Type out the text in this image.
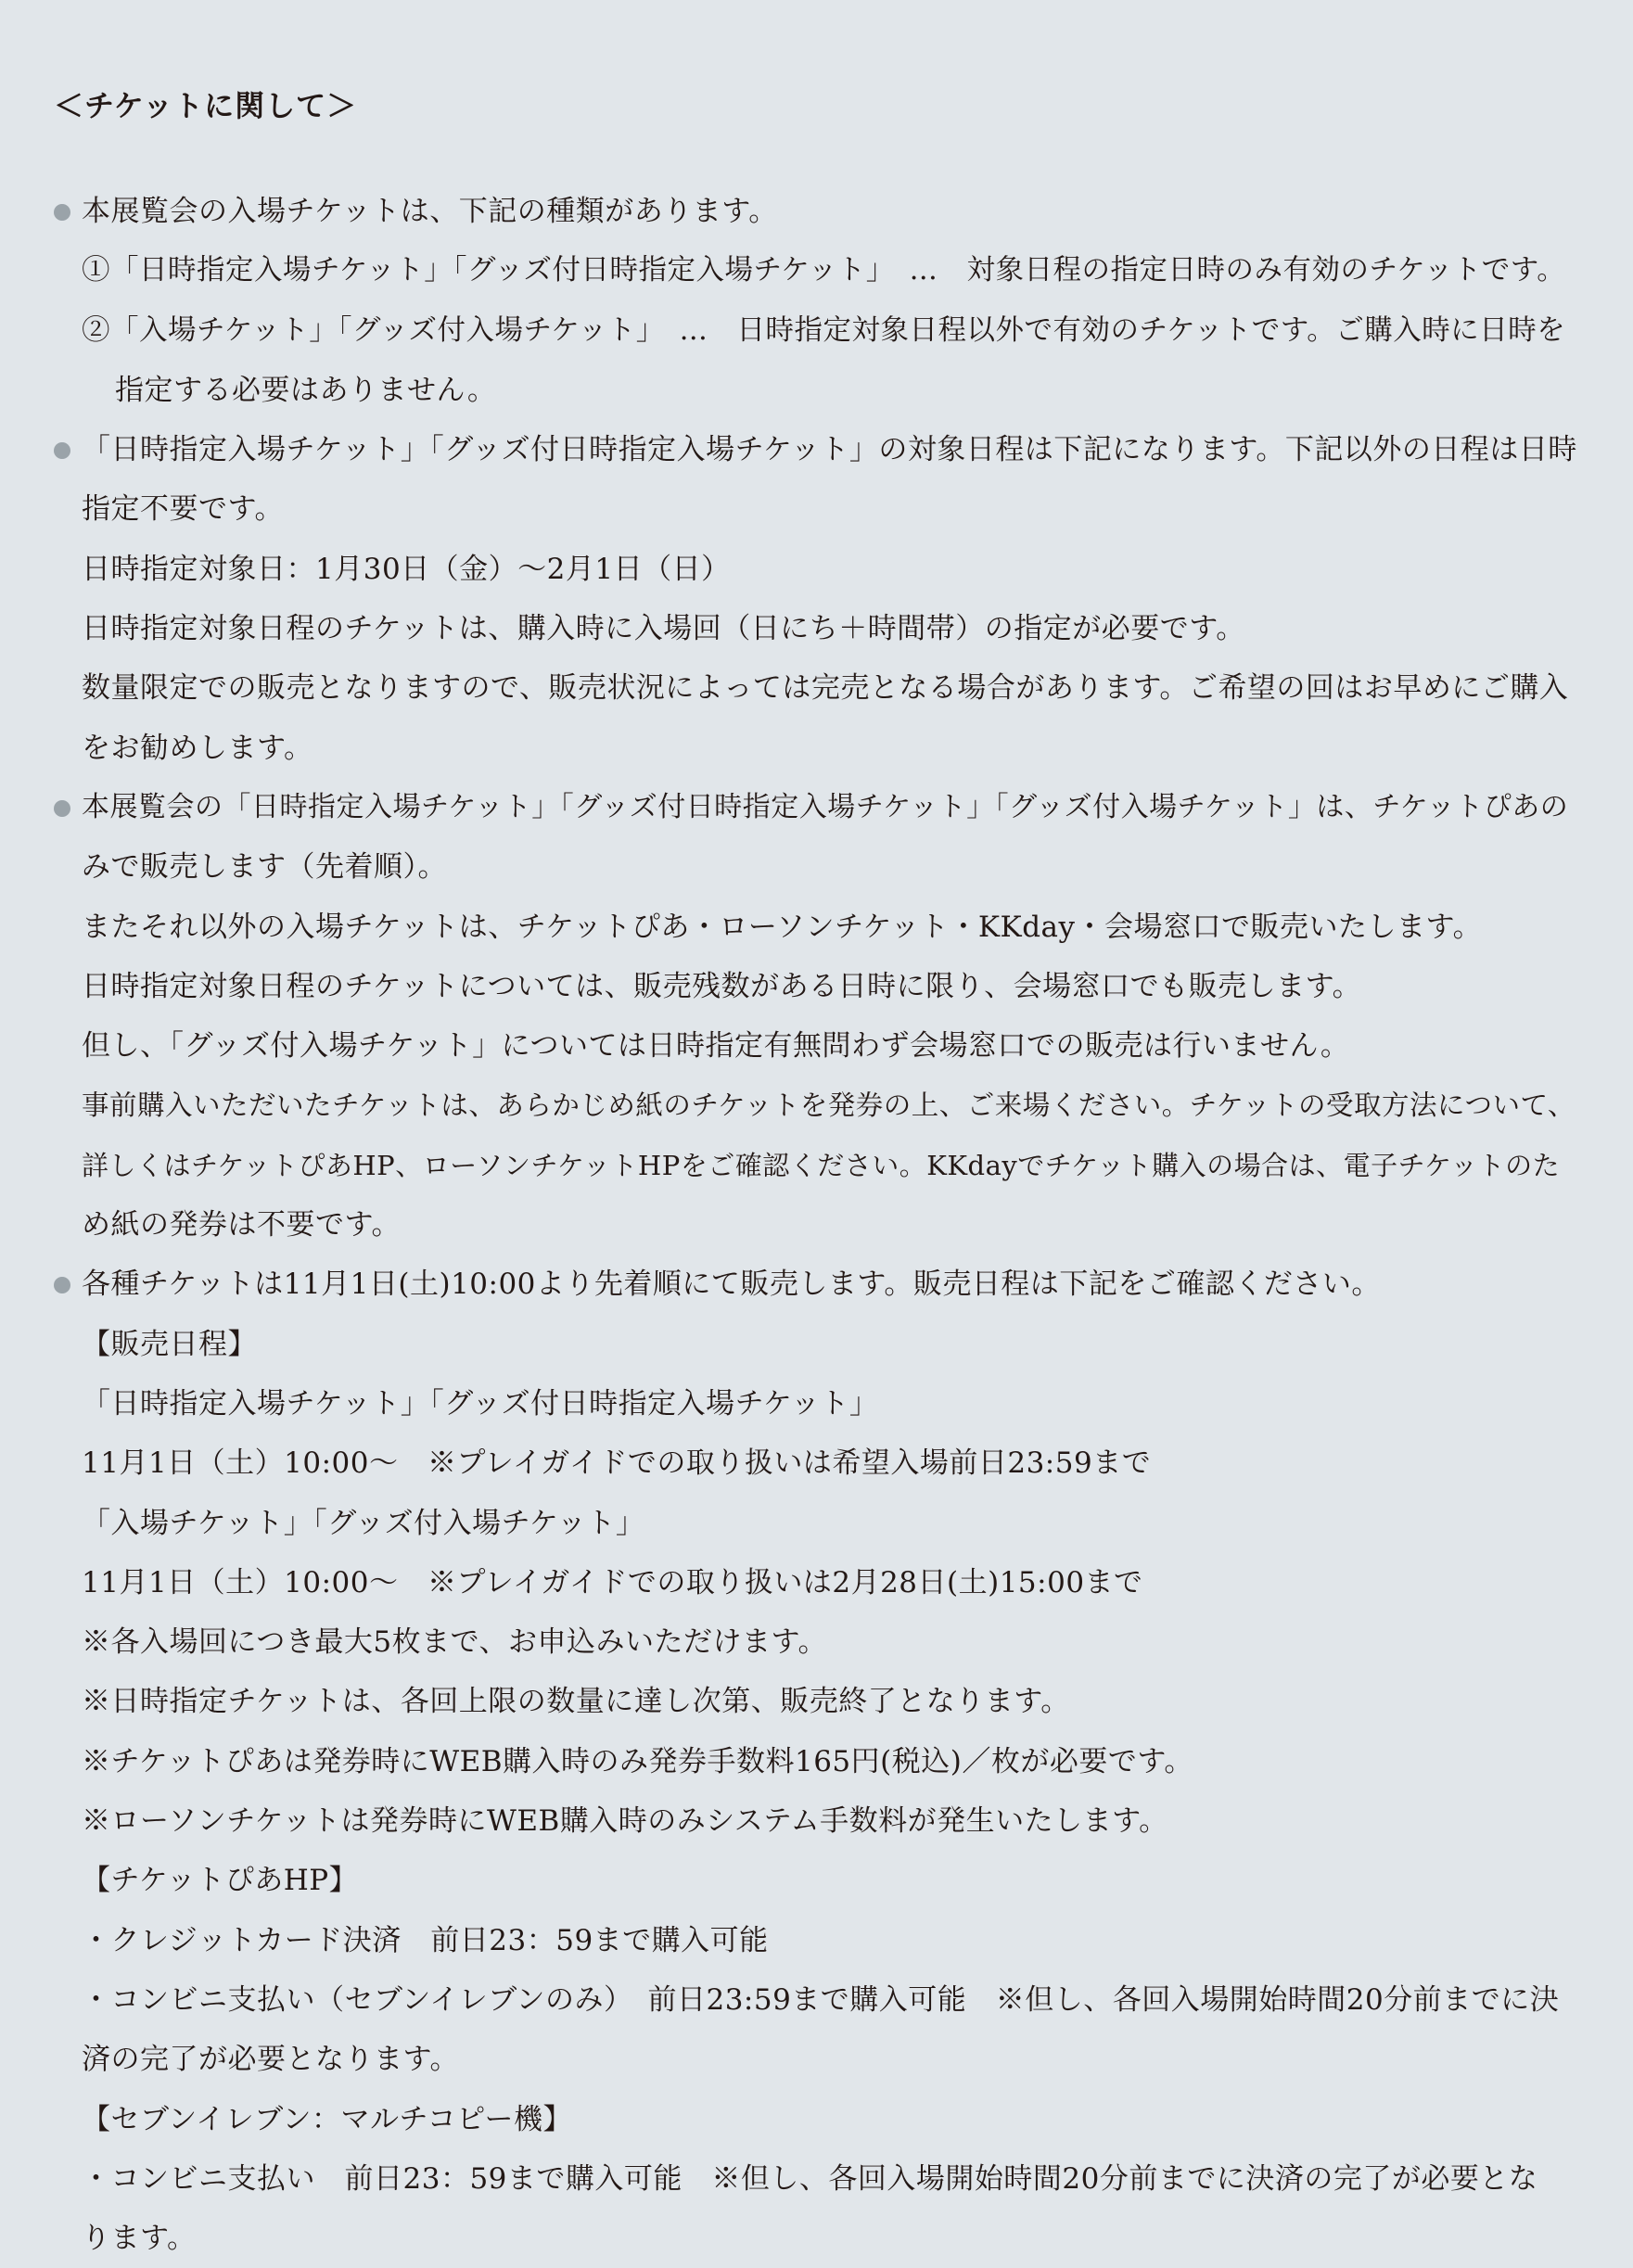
＜チケットに関して＞
本展覧会の入場チケットは、下記の種類があります。
①「日時指定入場チケット」「グッズ付日時指定入場チケット」　…　対象日程の指定日時のみ有効のチケットです。
②「入場チケット」「グッズ付入場チケット」　…　日時指定対象日程以外で有効のチケットです。ご購入時に日時を
指定する必要はありません。
「日時指定入場チケット」「グッズ付日時指定入場チケット」の対象日程は下記になります。下記以外の日程は日時
指定不要です。
日時指定対象日：1月30日（金）～2月1日（日）
日時指定対象日程のチケットは、購入時に入場回（日にち＋時間帯）の指定が必要です。
数量限定での販売となりますので、販売状況によっては完売となる場合があります。ご希望の回はお早めにご購入
をお勧めします。
本展覧会の「日時指定入場チケット」「グッズ付日時指定入場チケット」「グッズ付入場チケット」は、チケットぴあの
みで販売します（先着順）。
またそれ以外の入場チケットは、チケットぴあ・ローソンチケット・KKday・会場窓口で販売いたします。
日時指定対象日程のチケットについては、販売残数がある日時に限り、会場窓口でも販売します。
但し、「グッズ付入場チケット」については日時指定有無問わず会場窓口での販売は行いません。
事前購入いただいたチケットは、あらかじめ紙のチケットを発券の上、ご来場ください。チケットの受取方法について、
詳しくはチケットぴあHP、ローソンチケットHPをご確認ください。KKdayでチケット購入の場合は、電子チケットのた
め紙の発券は不要です。
各種チケットは11月1日(土)10:00より先着順にて販売します。販売日程は下記をご確認ください。
【販売日程】
「日時指定入場チケット」「グッズ付日時指定入場チケット」
11月1日（土）10:00～　※プレイガイドでの取り扱いは希望入場前日23:59まで
「入場チケット」「グッズ付入場チケット」
11月1日（土）10:00～　※プレイガイドでの取り扱いは2月28日(土)15:00まで
※各入場回につき最大5枚まで、お申込みいただけます。
※日時指定チケットは、各回上限の数量に達し次第、販売終了となります。
※チケットぴあは発券時にWEB購入時のみ発券手数料165円(税込)／枚が必要です。
※ローソンチケットは発券時にWEB購入時のみシステム手数料が発生いたします。
【チケットぴあHP】
・クレジットカード決済　前日23：59まで購入可能
・コンビニ支払い（セブンイレブンのみ）　前日23:59まで購入可能　※但し、各回入場開始時間20分前までに決
済の完了が必要となります。
【セブンイレブン：マルチコピー機】
・コンビニ支払い　前日23：59まで購入可能　※但し、各回入場開始時間20分前までに決済の完了が必要とな
ります。
